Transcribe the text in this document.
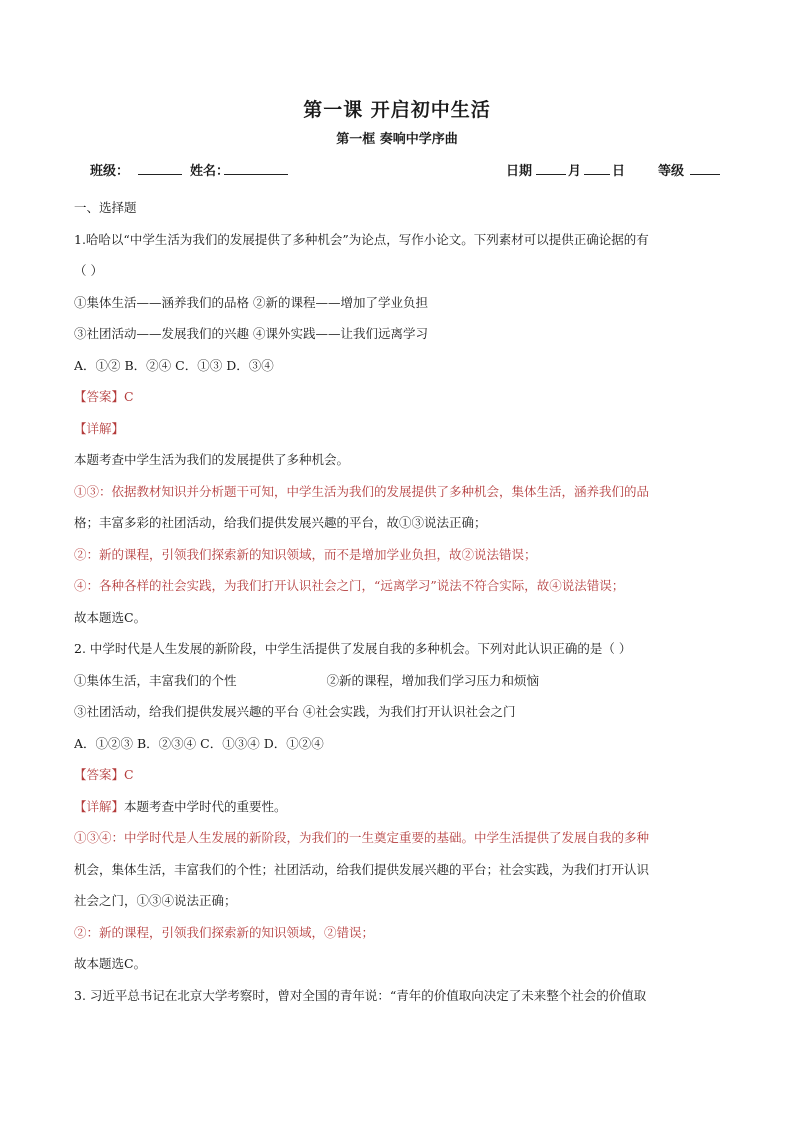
第一课 开启初中生活
第一框 奏响中学序曲
班级：	姓名：	日期	月 日	等级
一、选择题
1.哈哈以“中学生活为我们的发展提供了多种机会”为论点，写作小论文。下列素材可以提供正确论据的有
（ ）
①集体生活——涵养我们的品格 ②新的课程——增加了学业负担
③社团活动——发展我们的兴趣 ④课外实践——让我们远离学习
A．①② B．②④ C．①③ D．③④
【答案】C
【详解】
本题考查中学生活为我们的发展提供了多种机会。
①③：依据教材知识并分析题干可知，中学生活为我们的发展提供了多种机会，集体生活，涵养我们的品
格；丰富多彩的社团活动，给我们提供发展兴趣的平台，故①③说法正确；
②：新的课程，引领我们探索新的知识领域，而不是增加学业负担，故②说法错误；
④：各种各样的社会实践，为我们打开认识社会之门，“远离学习”说法不符合实际，故④说法错误；
故本题选C。
2. 中学时代是人生发展的新阶段，中学生活提供了发展自我的多种机会。下列对此认识正确的是（ ）
①集体生活，丰富我们的个性	②新的课程，增加我们学习压力和烦恼
③社团活动，给我们提供发展兴趣的平台 ④社会实践，为我们打开认识社会之门
A．①②③ B．②③④ C．①③④ D．①②④
【答案】C
【详解】本题考查中学时代的重要性。
①③④：中学时代是人生发展的新阶段，为我们的一生奠定重要的基础。中学生活提供了发展自我的多种
机会，集体生活，丰富我们的个性；社团活动，给我们提供发展兴趣的平台；社会实践，为我们打开认识
社会之门，①③④说法正确；
②：新的课程，引领我们探索新的知识领域，②错误；
故本题选C。
3. 习近平总书记在北京大学考察时，曾对全国的青年说：“青年的价值取向决定了未来整个社会的价值取
